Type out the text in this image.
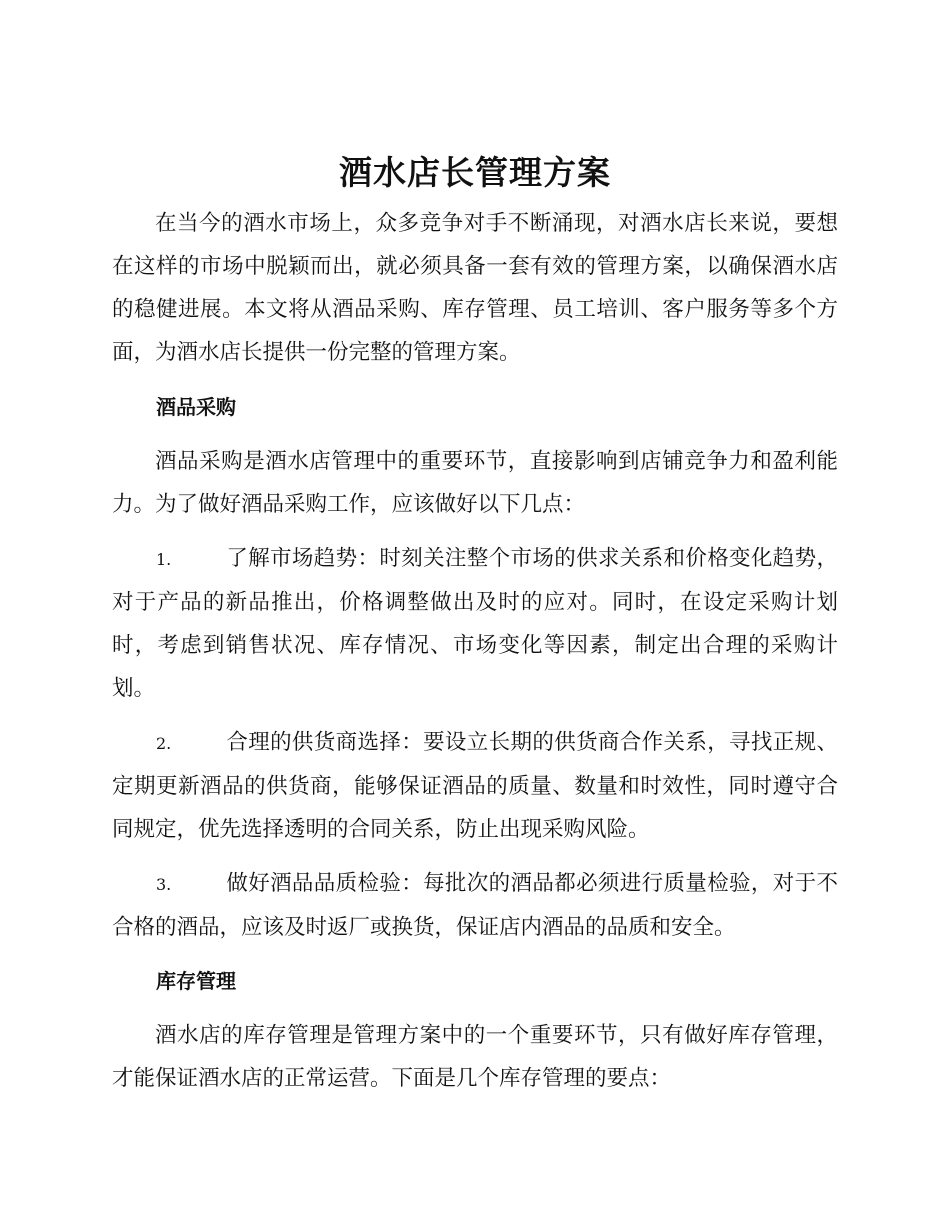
酒水店长管理方案

在当今的酒水市场上，众多竞争对手不断涌现，对酒水店长来说，要想在这样的市场中脱颖而出，就必须具备一套有效的管理方案，以确保酒水店的稳健进展。本文将从酒品采购、库存管理、员工培训、客户服务等多个方面，为酒水店长提供一份完整的管理方案。

酒品采购

酒品采购是酒水店管理中的重要环节，直接影响到店铺竞争力和盈利能力。为了做好酒品采购工作，应该做好以下几点：

1.	了解市场趋势：时刻关注整个市场的供求关系和价格变化趋势，对于产品的新品推出，价格调整做出及时的应对。同时，在设定采购计划时，考虑到销售状况、库存情况、市场变化等因素，制定出合理的采购计划。

2.	合理的供货商选择：要设立长期的供货商合作关系，寻找正规、定期更新酒品的供货商，能够保证酒品的质量、数量和时效性，同时遵守合同规定，优先选择透明的合同关系，防止出现采购风险。

3.	做好酒品品质检验：每批次的酒品都必须进行质量检验，对于不合格的酒品，应该及时返厂或换货，保证店内酒品的品质和安全。

库存管理

酒水店的库存管理是管理方案中的一个重要环节，只有做好库存管理，才能保证酒水店的正常运营。下面是几个库存管理的要点：
